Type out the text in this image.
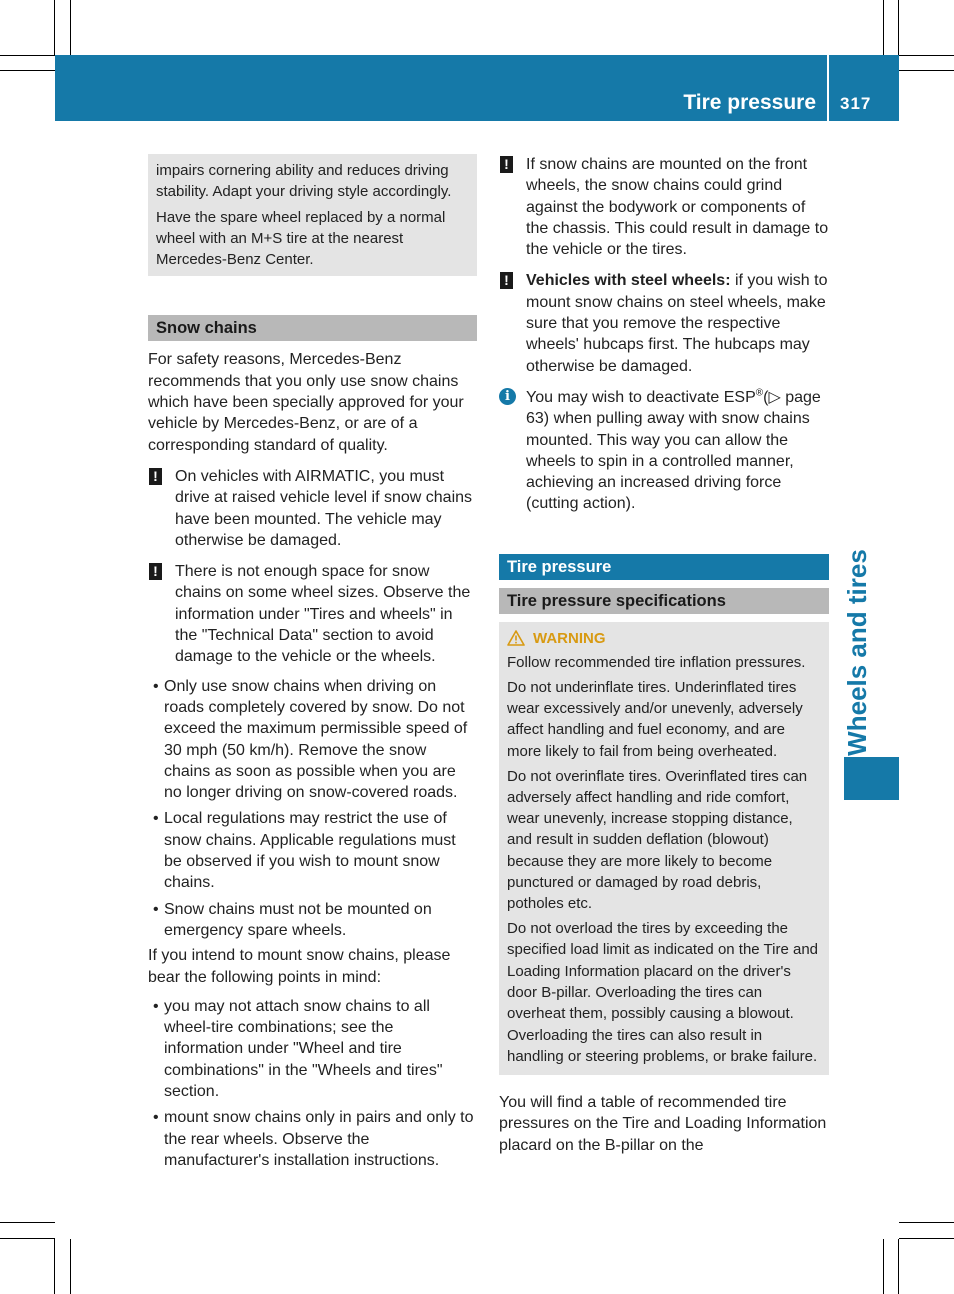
Tire pressure 317
Wheels and tires

impairs cornering ability and reduces driving stability. Adapt your driving style accordingly.

Have the spare wheel replaced by a normal wheel with an M+S tire at the nearest Mercedes-Benz Center.

Snow chains

For safety reasons, Mercedes-Benz recommends that you only use snow chains which have been specially approved for your vehicle by Mercedes-Benz, or are of a corresponding standard of quality.

!	On vehicles with AIRMATIC, you must drive at raised vehicle level if snow chains have been mounted. The vehicle may otherwise be damaged.
!	There is not enough space for snow chains on some wheel sizes. Observe the information under "Tires and wheels" in the "Technical Data" section to avoid damage to the vehicle or the wheels.
• Only use snow chains when driving on roads completely covered by snow. Do not exceed the maximum permissible speed of 30 mph (50 km/h). Remove the snow chains as soon as possible when you are no longer driving on snow-covered roads.
• Local regulations may restrict the use of snow chains. Applicable regulations must be observed if you wish to mount snow chains.
• Snow chains must not be mounted on emergency spare wheels.

If you intend to mount snow chains, please bear the following points in mind:

• you may not attach snow chains to all wheel-tire combinations; see the information under "Wheel and tire combinations" in the "Wheels and tires" section.
• mount snow chains only in pairs and only to the rear wheels. Observe the manufacturer's installation instructions.
!	If snow chains are mounted on the front wheels, the snow chains could grind against the bodywork or components of the chassis. This could result in damage to the vehicle or the tires.
!	Vehicles with steel wheels: if you wish to mount snow chains on steel wheels, make sure that you remove the respective wheels' hubcaps first. The hubcaps may otherwise be damaged.
i	You may wish to deactivate ESP®(▷ page 63) when pulling away with snow chains mounted. This way you can allow the wheels to spin in a controlled manner, achieving an increased driving force (cutting action).
Tire pressure
Tire pressure specifications
WARNING

Follow recommended tire inflation pressures.

Do not underinflate tires. Underinflated tires wear excessively and/or unevenly, adversely affect handling and fuel economy, and are more likely to fail from being overheated.

Do not overinflate tires. Overinflated tires can adversely affect handling and ride comfort, wear unevenly, increase stopping distance, and result in sudden deflation (blowout) because they are more likely to become punctured or damaged by road debris, potholes etc.

Do not overload the tires by exceeding the specified load limit as indicated on the Tire and Loading Information placard on the driver's door B-pillar. Overloading the tires can overheat them, possibly causing a blowout. Overloading the tires can also result in handling or steering problems, or brake failure.

You will find a table of recommended tire pressures on the Tire and Loading Information placard on the B-pillar on the
